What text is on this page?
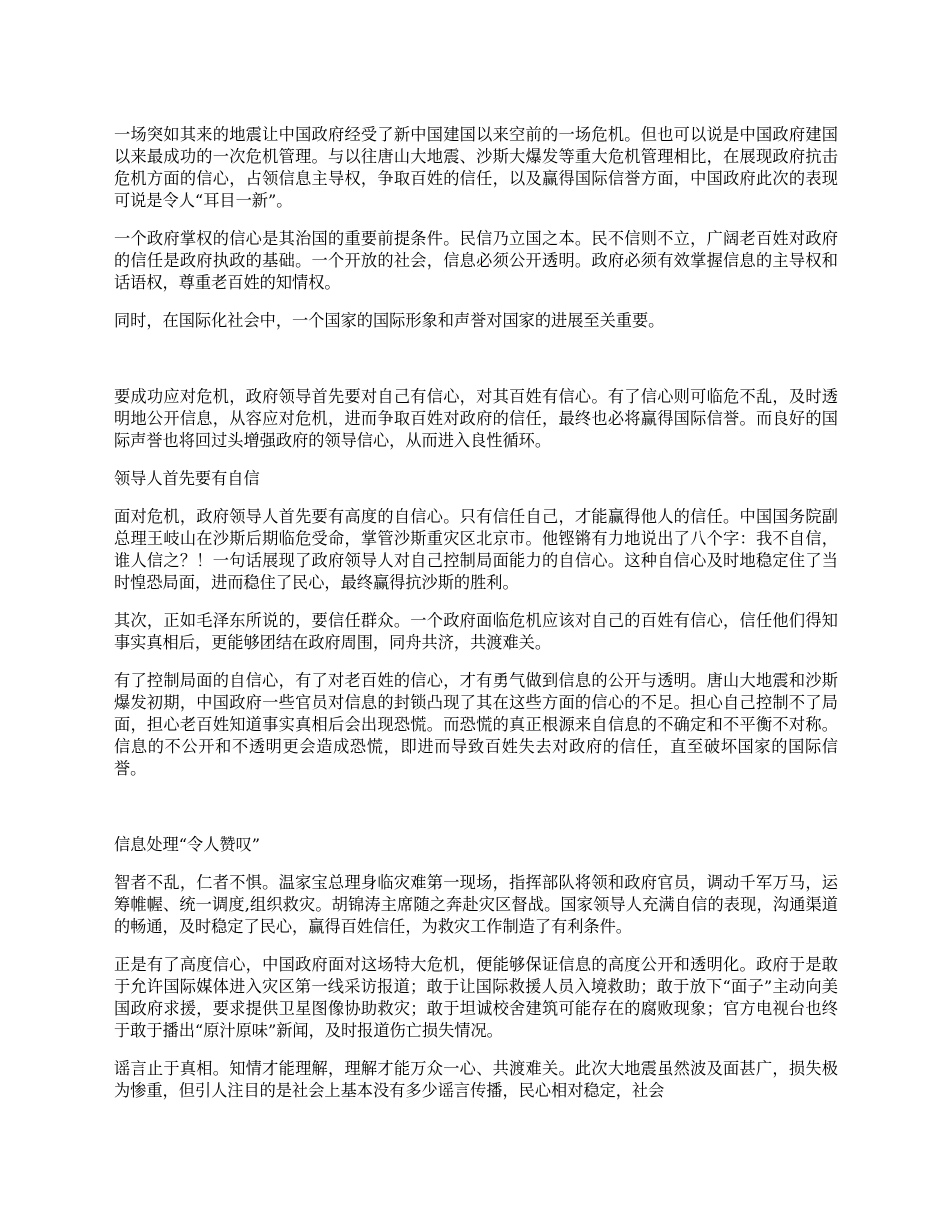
一场突如其来的地震让中国政府经受了新中国建国以来空前的一场危机。但也可以说是中国政府建国以来最成功的一次危机管理。与以往唐山大地震、沙斯大爆发等重大危机管理相比，在展现政府抗击危机方面的信心，占领信息主导权，争取百姓的信任，以及赢得国际信誉方面，中国政府此次的表现可说是令人“耳目一新”。

一个政府掌权的信心是其治国的重要前提条件。民信乃立国之本。民不信则不立，广阔老百姓对政府的信任是政府执政的基础。一个开放的社会，信息必须公开透明。政府必须有效掌握信息的主导权和话语权，尊重老百姓的知情权。

同时，在国际化社会中，一个国家的国际形象和声誉对国家的进展至关重要。

要成功应对危机，政府领导首先要对自己有信心，对其百姓有信心。有了信心则可临危不乱，及时透明地公开信息，从容应对危机，进而争取百姓对政府的信任，最终也必将赢得国际信誉。而良好的国际声誉也将回过头增强政府的领导信心，从而进入良性循环。

领导人首先要有自信

面对危机，政府领导人首先要有高度的自信心。只有信任自己，才能赢得他人的信任。中国国务院副总理王岐山在沙斯后期临危受命，掌管沙斯重灾区北京市。他铿锵有力地说出了八个字：我不自信，谁人信之？！一句话展现了政府领导人对自己控制局面能力的自信心。这种自信心及时地稳定住了当时惶恐局面，进而稳住了民心，最终赢得抗沙斯的胜利。

其次，正如毛泽东所说的，要信任群众。一个政府面临危机应该对自己的百姓有信心，信任他们得知事实真相后，更能够团结在政府周围，同舟共济，共渡难关。

有了控制局面的自信心，有了对老百姓的信心，才有勇气做到信息的公开与透明。唐山大地震和沙斯爆发初期，中国政府一些官员对信息的封锁凸现了其在这些方面的信心的不足。担心自己控制不了局面，担心老百姓知道事实真相后会出现恐慌。而恐慌的真正根源来自信息的不确定和不平衡不对称。信息的不公开和不透明更会造成恐慌，即进而导致百姓失去对政府的信任，直至破坏国家的国际信誉。

信息处理“令人赞叹”

智者不乱，仁者不惧。温家宝总理身临灾难第一现场，指挥部队将领和政府官员，调动千军万马，运筹帷幄、统一调度,组织救灾。胡锦涛主席随之奔赴灾区督战。国家领导人充满自信的表现，沟通渠道的畅通，及时稳定了民心，赢得百姓信任，为救灾工作制造了有利条件。

正是有了高度信心，中国政府面对这场特大危机，便能够保证信息的高度公开和透明化。政府于是敢于允许国际媒体进入灾区第一线采访报道；敢于让国际救援人员入境救助；敢于放下“面子”主动向美国政府求援，要求提供卫星图像协助救灾；敢于坦诚校舍建筑可能存在的腐败现象；官方电视台也终于敢于播出“原汁原味”新闻，及时报道伤亡损失情况。

谣言止于真相。知情才能理解，理解才能万众一心、共渡难关。此次大地震虽然波及面甚广，损失极为惨重，但引人注目的是社会上基本没有多少谣言传播，民心相对稳定，社会
